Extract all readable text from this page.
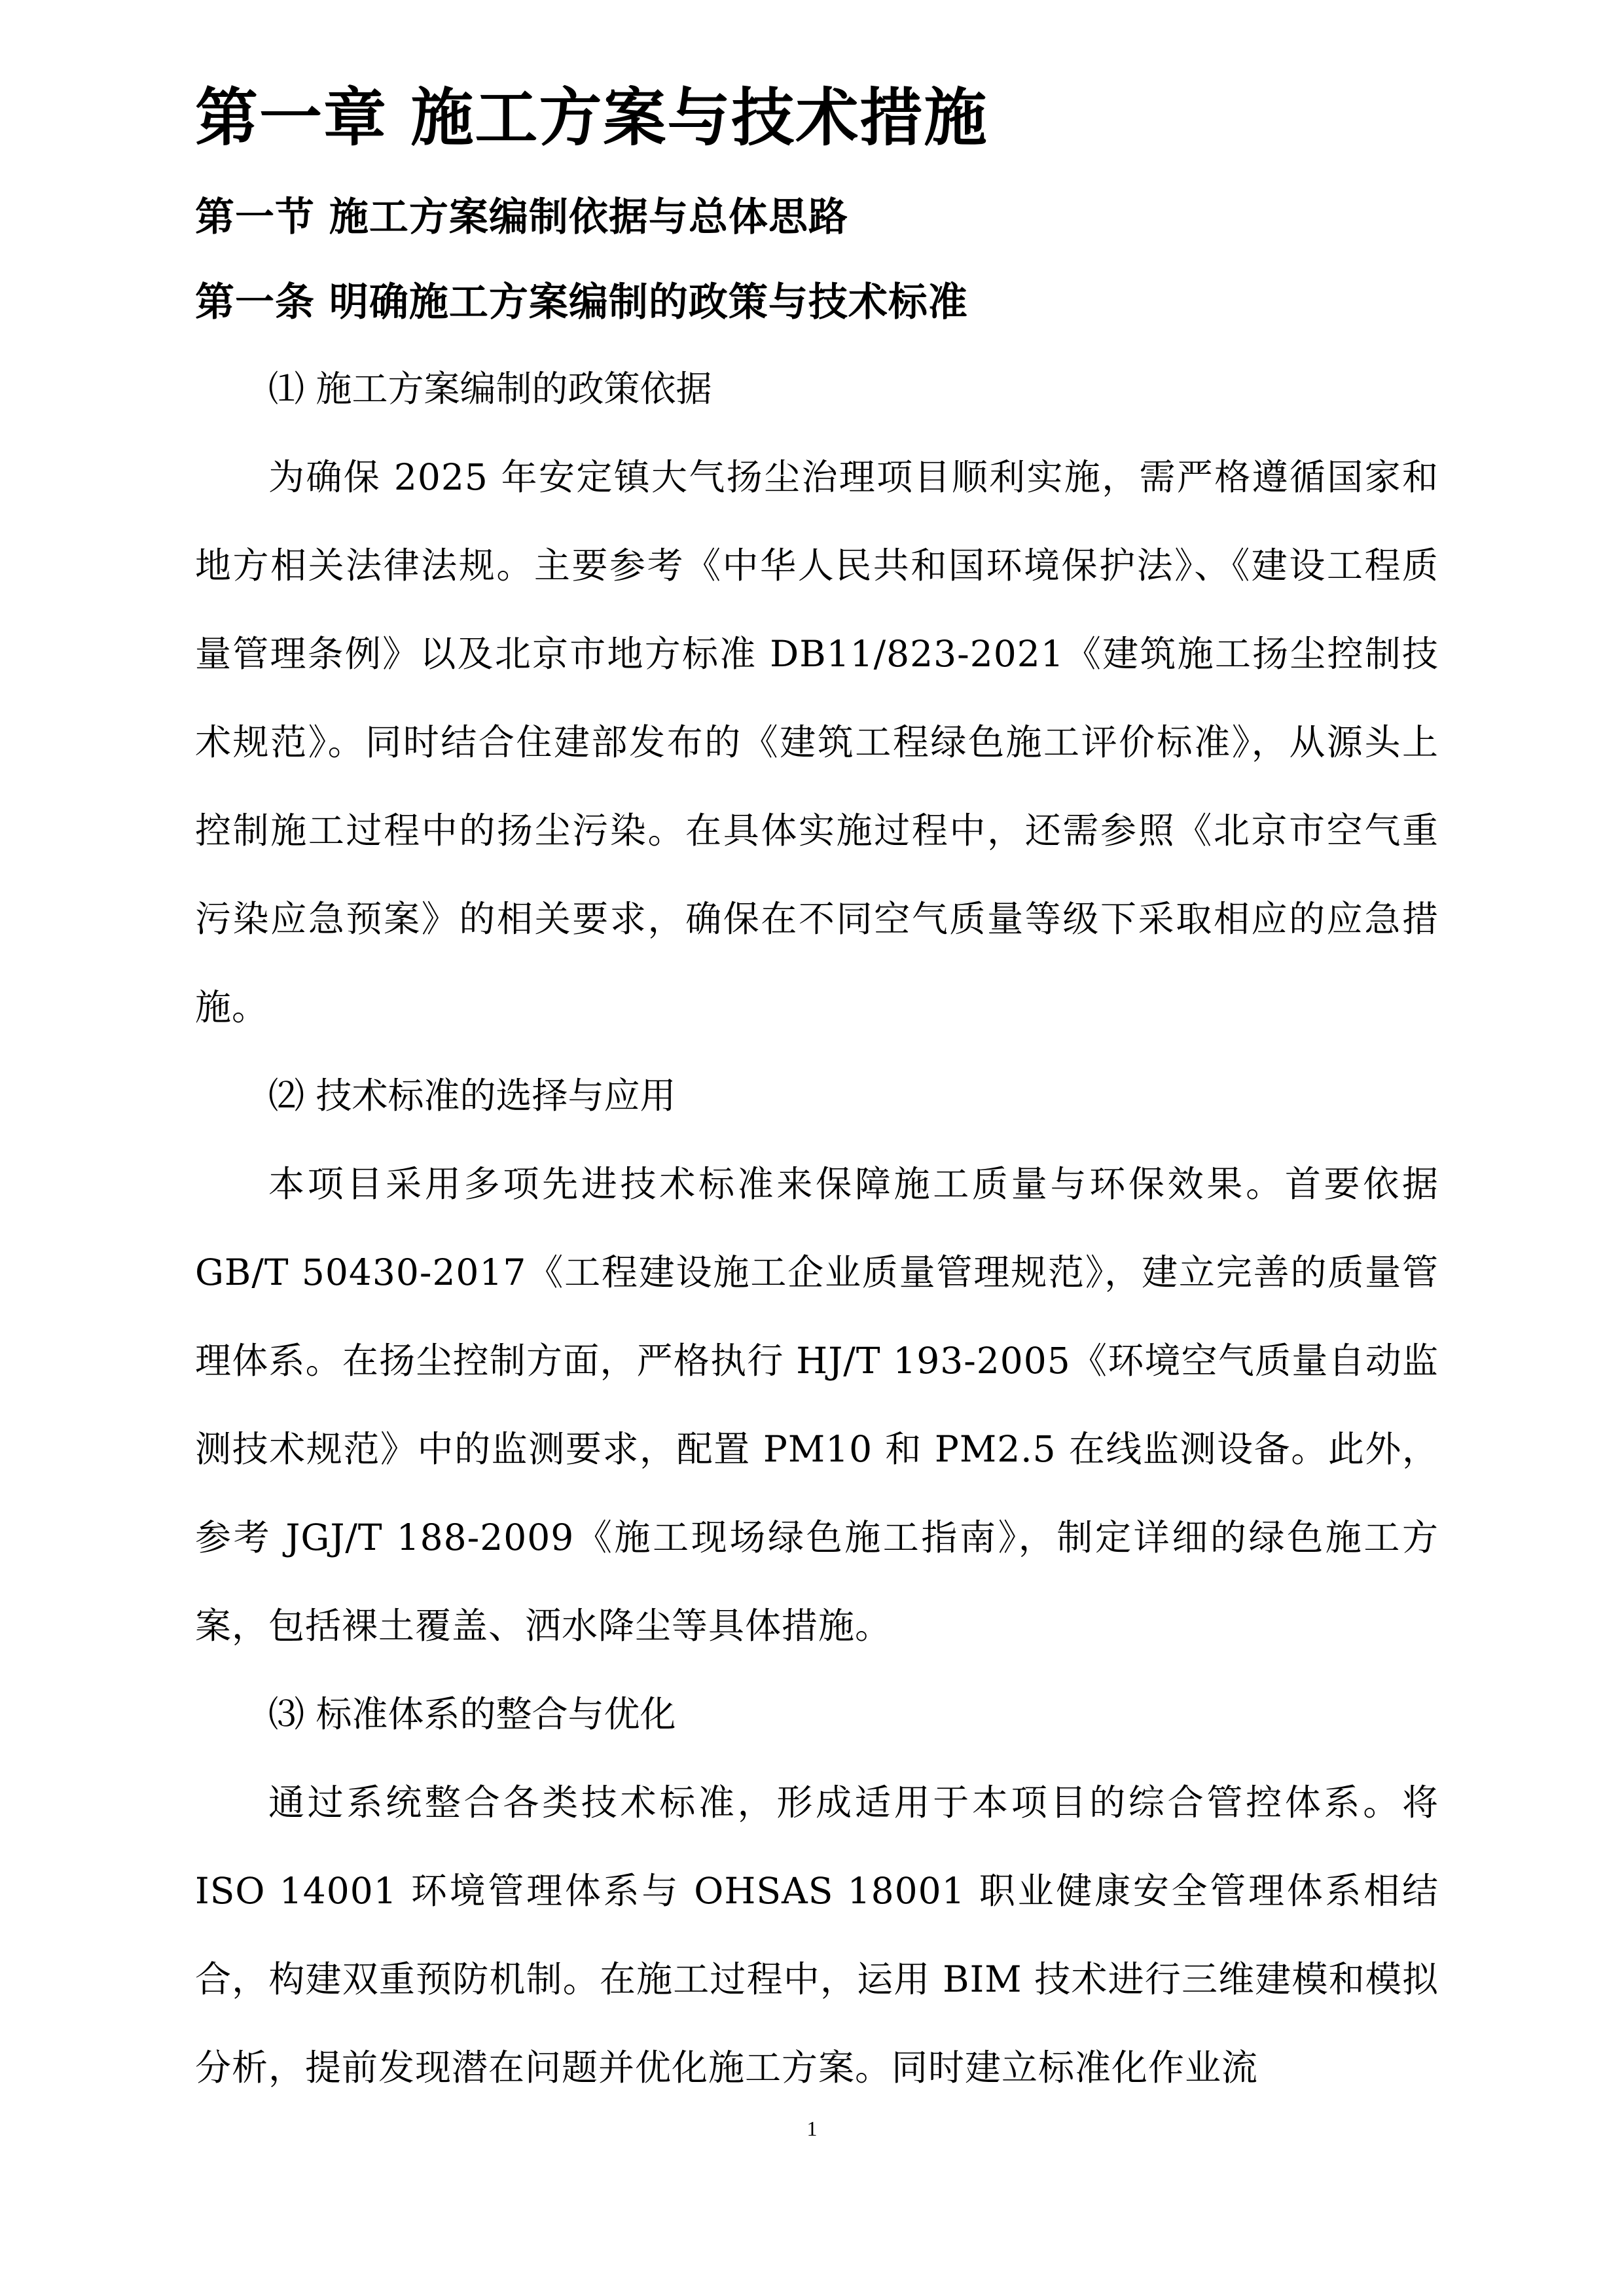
第一章 施工方案与技术措施
第一节 施工方案编制依据与总体思路
第一条 明确施工方案编制的政策与技术标准
⑴ 施工方案编制的政策依据

为确保 2025 年安定镇大气扬尘治理项目顺利实施，需严格遵循国家和地方相关法律法规。主要参考《中华人民共和国环境保护法》、《建设工程质量管理条例》以及北京市地方标准 DB11/823-2021《建筑施工扬尘控制技术规范》。同时结合住建部发布的《建筑工程绿色施工评价标准》，从源头上控制施工过程中的扬尘污染。在具体实施过程中，还需参照《北京市空气重污染应急预案》的相关要求，确保在不同空气质量等级下采取相应的应急措施。

⑵ 技术标准的选择与应用

本项目采用多项先进技术标准来保障施工质量与环保效果。首要依据 GB/T 50430-2017《工程建设施工企业质量管理规范》，建立完善的质量管理体系。在扬尘控制方面，严格执行 HJ/T 193-2005《环境空气质量自动监测技术规范》中的监测要求，配置 PM10 和 PM2.5 在线监测设备。此外，参考 JGJ/T 188-2009《施工现场绿色施工指南》，制定详细的绿色施工方案，包括裸土覆盖、洒水降尘等具体措施。

⑶ 标准体系的整合与优化

通过系统整合各类技术标准，形成适用于本项目的综合管控体系。将 ISO 14001 环境管理体系与 OHSAS 18001 职业健康安全管理体系相结合，构建双重预防机制。在施工过程中，运用 BIM 技术进行三维建模和模拟分析，提前发现潜在问题并优化施工方案。同时建立标准化作业流

1
